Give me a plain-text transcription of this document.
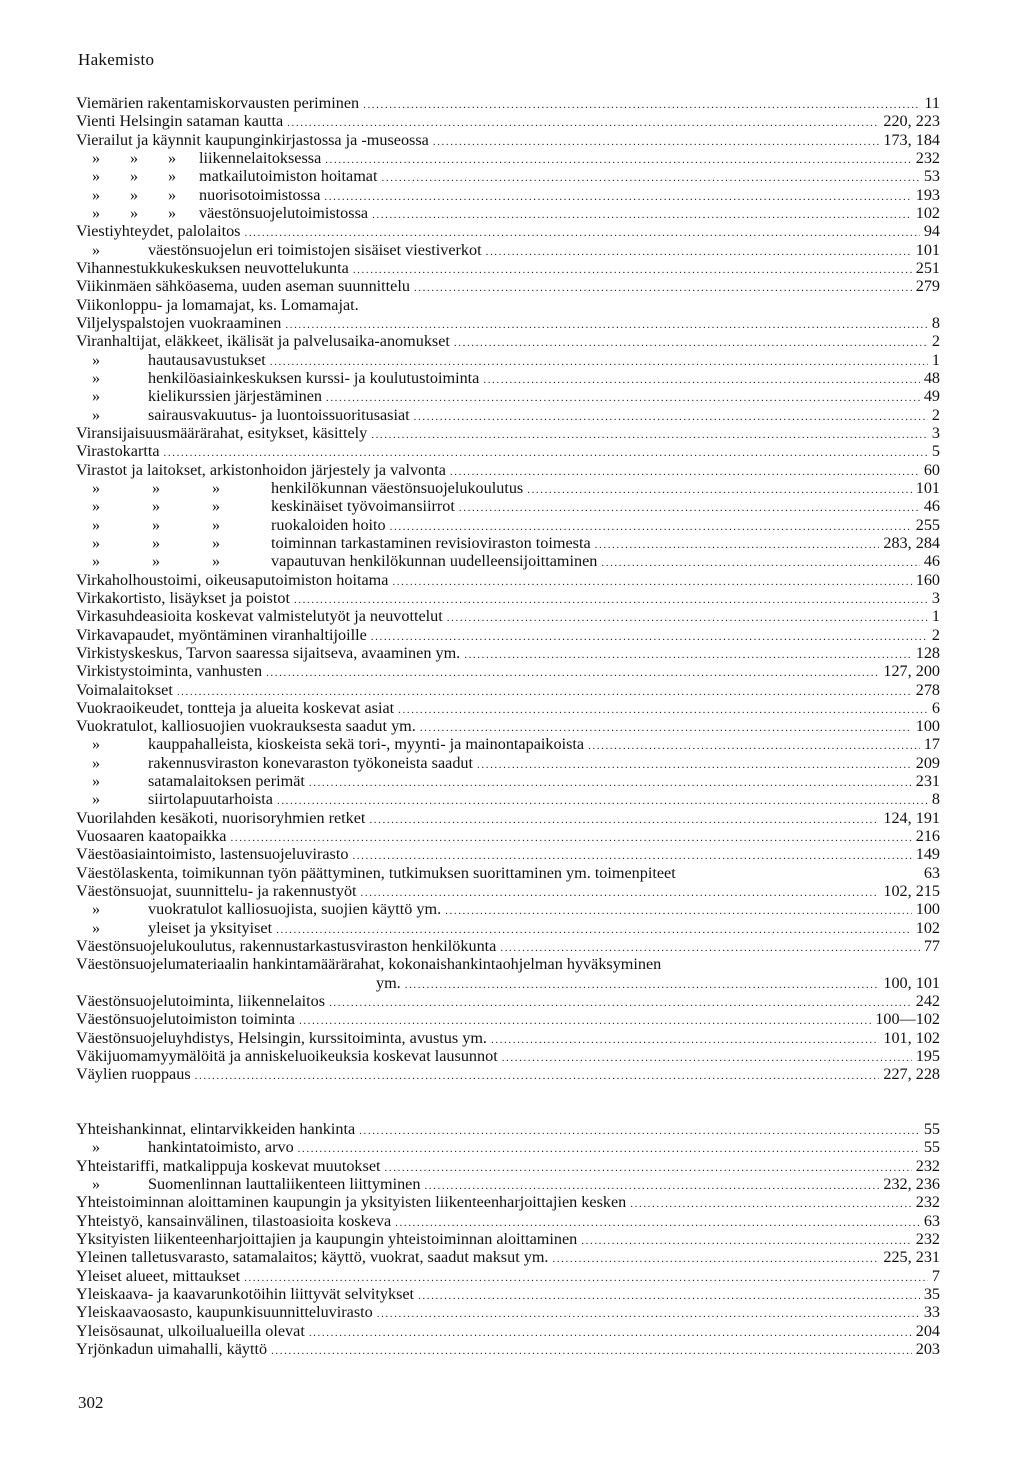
Hakemisto
Viemärien rakentamiskorvausten periminen .....	11
Vienti Helsingin sataman kautta .....	220, 223
Vierailut ja käynnit kaupunginkirjastossa ja -museossa .....	173, 184
» » »	liikennelaitoksessa .....	232
» » »	matkailutoimiston hoitamat .....	53
» » »	nuorisotoimistossa .....	193
» » »	väestönsuojelutoimistossa .....	102
Viestiyhteydet, palolaitos .....	94
»	väestönsuojelun eri toimistojen sisäiset viestiverkot .....	101
Vihannestukkukeskuksen neuvottelukunta .....	251
Viikinmäen sähköasema, uuden aseman suunnittelu .....	279
Viikonloppu- ja lomamajat, ks. Lomamajat.
Viljelyspalstojen vuokraaminen .....	8
Viranhaltijat, eläkkeet, ikälisät ja palvelusaika-anomukset .....	2
»	hautausavustukset .....	1
»	henkilöasiainkeskuksen kurssi- ja koulutustoiminta .....	48
»	kielikurssien järjestäminen .....	49
»	sairausvakuutus- ja luontoissuoritusasiat .....	2
Viransijaisuusmäärärahat, esitykset, käsittely .....	3
Virastokartta .....	5
Virastot ja laitokset, arkistonhoidon järjestely ja valvonta .....	60
»	»	»	henkilökunnan väestönsuojelukoulutus .....	101
»	»	»	keskinäiset työvoimansiirrot .....	46
»	»	»	ruokaloiden hoito .....	255
»	»	»	toiminnan tarkastaminen revisioviraston toimesta .....	283, 284
»	»	»	vapautuvan henkilökunnan uudelleensijoittaminen .....	46
Virkaholhoustoimi, oikeusaputoimiston hoitama .....	160
Virkakortisto, lisäykset ja poistot .....	3
Virkasuhdeasioita koskevat valmistelutyöt ja neuvottelut .....	1
Virkavapaudet, myöntäminen viranhaltijoille .....	2
Virkistyskeskus, Tarvon saaressa sijaitseva, avaaminen ym. .....	128
Virkistystoiminta, vanhusten .....	127, 200
Voimalaitokset .....	278
Vuokraoikeudet, tontteja ja alueita koskevat asiat .....	6
Vuokratulot, kalliosuojien vuokrauksesta saadut ym. .....	100
»	kauppahalleista, kioskeista sekä tori-, myynti- ja mainontapaikoista .....	17
»	rakennusviraston konevaraston työkoneista saadut .....	209
»	satamalaitoksen perimät .....	231
»	siirtolapuutarhoista .....	8
Vuorilahden kesäkoti, nuorisoryhmien retket .....	124, 191
Vuosaaren kaatopaikka .....	216
Väestöasiaintoimisto, lastensuojeluvirasto .....	149
Väestölaskenta, toimikunnan työn päättyminen, tutkimuksen suorittaminen ym. toimenpiteet	63
Väestönsuojat, suunnittelu- ja rakennustyöt .....	102, 215
»	vuokratulot kalliosuojista, suojien käyttö ym. .....	100
»	yleiset ja yksityiset .....	102
Väestönsuojelukoulutus, rakennustarkastusviraston henkilökunta .....	77
Väestönsuojelumateriaalin hankintamäärärahat, kokonaishankintaohjelman hyväksyminen
ym. .....	100, 101
Väestönsuojelutoiminta, liikennelaitos .....	242
Väestönsuojelutoimiston toiminta .....	100—102
Väestönsuojeluyhdistys, Helsingin, kurssitoiminta, avustus ym. .....	101, 102
Väkijuomamyymälöitä ja anniskeluoikeuksia koskevat lausunnot .....	195
Väylien ruoppaus .....	227, 228
Yhteishankinnat, elintarvikkeiden hankinta .....	55
»	hankintatoimisto, arvo .....	55
Yhteistariffi, matkalippuja koskevat muutokset .....	232
»	Suomenlinnan lauttaliikenteen liittyminen .....	232, 236
Yhteistoiminnan aloittaminen kaupungin ja yksityisten liikenteenharjoittajien kesken .....	232
Yhteistyö, kansainvälinen, tilastoasioita koskeva .....	63
Yksityisten liikenteenharjoittajien ja kaupungin yhteistoiminnan aloittaminen .....	232
Yleinen talletusvarasto, satamalaitos; käyttö, vuokrat, saadut maksut ym. .....	225, 231
Yleiset alueet, mittaukset .....	7
Yleiskaava- ja kaavarunkotöihin liittyvät selvitykset .....	35
Yleiskaavaosasto, kaupunkisuunnitteluvirasto .....	33
Yleisösaunat, ulkoilualueilla olevat .....	204
Yrjönkadun uimahalli, käyttö .....	203
302
